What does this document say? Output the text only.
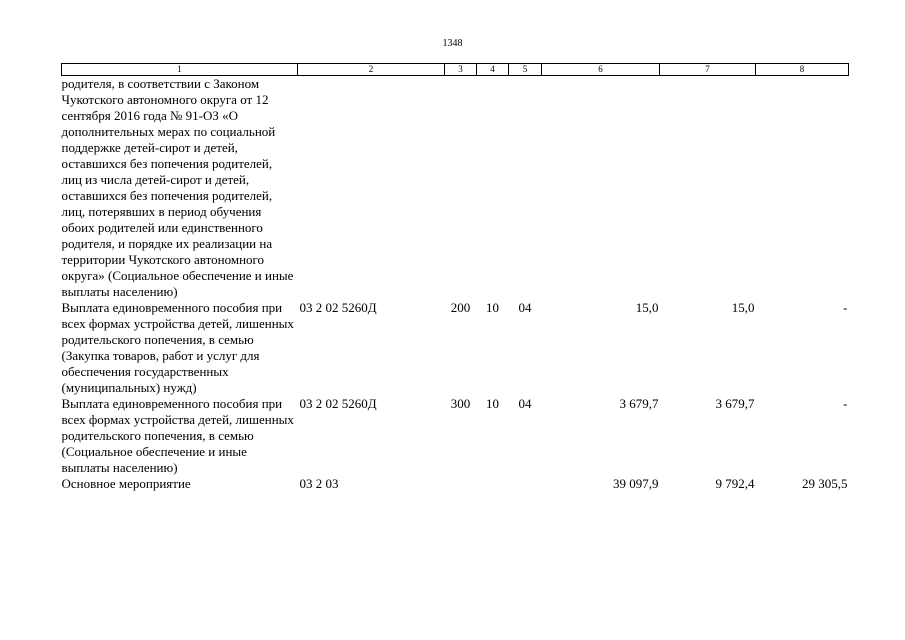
1348
1	2	3	4	5	6	7	8
родителя, в соответствии с Законом Чукотского автономного округа от 12 сентября 2016 года № 91-ОЗ «О дополнительных мерах по социальной поддержке детей-сирот и детей, оставшихся без попечения родителей, лиц из числа детей-сирот и детей, оставшихся без попечения родителей, лиц, потерявших в период обучения обоих родителей или единственного родителя, и порядке их реализации на территории Чукотского автономного округа» (Социальное обеспечение и иные выплаты населению)							
Выплата единовременного пособия при всех формах устройства детей, лишенных родительского попечения, в семью (Закупка товаров, работ и услуг для обеспечения государственных (муниципальных) нужд)	03 2 02 5260Д	200	10	04	15,0	15,0	-
Выплата единовременного пособия при всех формах устройства детей, лишенных родительского попечения, в семью (Социальное обеспечение и иные выплаты населению)	03 2 02 5260Д	300	10	04	3 679,7	3 679,7	-
Основное мероприятие	03 2 03				39 097,9	9 792,4	29 305,5
